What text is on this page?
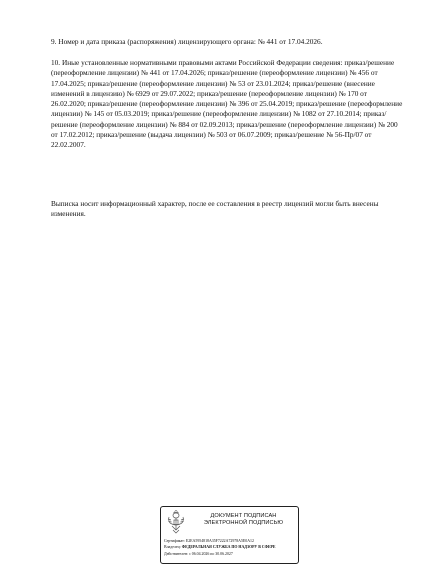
9. Номер и дата приказа (распоряжения) лицензирующего органа: № 441 от 17.04.2026.

10. Иные установленные нормативными правовыми актами Российской Федерации сведения: приказ/решение (переоформление лицензии) № 441 от 17.04.2026; приказ/решение (переоформление лицензии) № 456 от 17.04.2025; приказ/решение (переоформление лицензии) № 53 от 23.01.2024; приказ/решение (внесение изменений в лицензию) № 6929 от 29.07.2022; приказ/решение (переоформление лицензии) № 170 от 26.02.2020; приказ/решение (переоформление лицензии) № 396 от 25.04.2019; приказ/решение (переоформление лицензии) № 145 от 05.03.2019; приказ/решение (переоформление лицензии) № 1082 от 27.10.2014; приказ/решение (переоформление лицензии) № 884 от 02.09.2013; приказ/решение (переоформление лицензии) № 200 от 17.02.2012; приказ/решение (выдача лицензии) № 503 от 06.07.2009; приказ/решение № 56-Пр/07 от 22.02.2007.

Выписка носит информационный характер, после ее составления в реестр лицензий могли быть внесены изменения.

ДОКУМЕНТ ПОДПИСАН
ЭЛЕКТРОННОЙ ПОДПИСЬЮ
Сертификат: E2EA5954818A35F7222A72978A5E0A12
Владелец: ФЕДЕРАЛЬНАЯ СЛУЖБА ПО НАДЗОРУ В СФЕРЕ
Действителен: с 06.04.2026 по 30.06.2027
